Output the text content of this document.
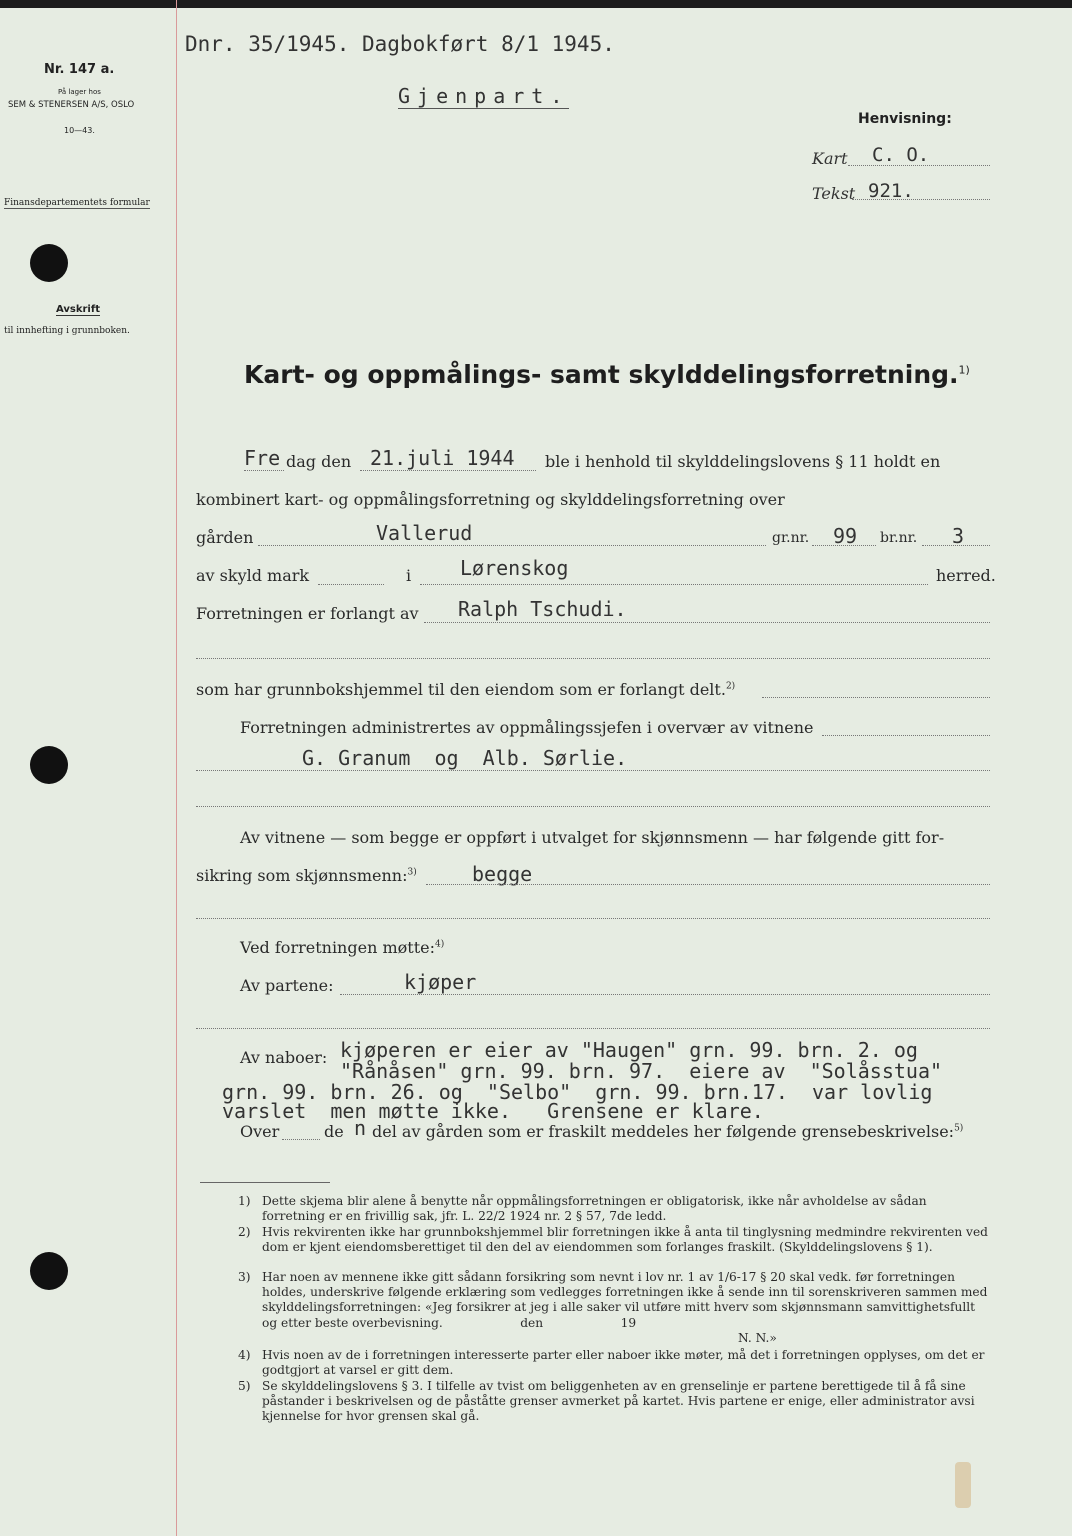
Nr. 147 a.
På lager hos
SEM & STENERSEN A/S, OSLO
10—43.
Finansdepartementets formular
Avskrift
til innhefting i grunnboken.
Dnr. 35/1945. Dagbokført 8/1 1945.
Gjenpart.
Henvisning:
Kart C. O.
Tekst 921.
Kart- og oppmålings- samt skylddelingsforretning.$^{1)}$
Fre dag den 21.juli 1944 ble i henhold til skylddelingslovens § 11 holdt en
kombinert kart- og oppmålingsforretning og skylddelingsforretning over
gården	Vallerud	gr.nr. 99 br.nr. 3
av skyld mark	i Lørenskog	herred.
Forretningen er forlangt av Ralph Tschudi.
som har grunnbokshjemmel til den eiendom som er forlangt delt.$^{2)}$
Forretningen administrertes av oppmålingssjefen i overvær av vitnene
G. Granum  og  Alb. Sørlie.
Av vitnene — som begge er oppført i utvalget for skjønnsmenn — har følgende gitt for-
sikring som skjønnsmenn:$^{3)}$	begge
Ved forretningen møtte:$^{4)}$
Av partene:	kjøper
Av naboer: kjøperen er eier av "Haugen" grn. 99. brn. 2. og
"Rånåsen" grn. 99. brn. 97.  eiere av  "Solåsstua"
grn. 99. brn. 26. og  "Selbo"  grn. 99. brn.17.  var lovlig
varslet  men møtte ikke.   Grensene er klare.
Over	de n del av gården som er fraskilt meddeles her følgende grensebeskrivelse:$^{5)}$
1) Dette skjema blir alene å benytte når oppmålingsforretningen er obligatorisk, ikke når avholdelse av sådan forretning er en frivillig sak, jfr. L. 22/2 1924 nr. 2 § 57, 7de ledd.
2) Hvis rekvirenten ikke har grunnbokshjemmel blir forretningen ikke å anta til tinglysning medmindre rekvirenten ved dom er kjent eiendomsberettiget til den del av eiendommen som forlanges fraskilt. (Skylddelingslovens § 1).
3) Har noen av mennene ikke gitt sådann forsikring som nevnt i lov nr. 1 av 1/6-17 § 20 skal vedk. før forretningen holdes, underskrive følgende erklæring som vedlegges forretningen ikke å sende inn til sorenskriveren sammen med skylddelingsforretningen: «Jeg forsikrer at jeg i alle saker vil utføre mitt hverv som skjønnsmann samvittighetsfullt og etter beste overbevisning.                    den                    19
N. N.»
4) Hvis noen av de i forretningen interesserte parter eller naboer ikke møter, må det i forretningen opplyses, om det er godtgjort at varsel er gitt dem.
5) Se skylddelingslovens § 3. I tilfelle av tvist om beliggenheten av en grenselinje er partene berettigede til å få sine påstander i beskrivelsen og de påståtte grenser avmerket på kartet. Hvis partene er enige, eller administrator avsi kjennelse for hvor grensen skal gå.
